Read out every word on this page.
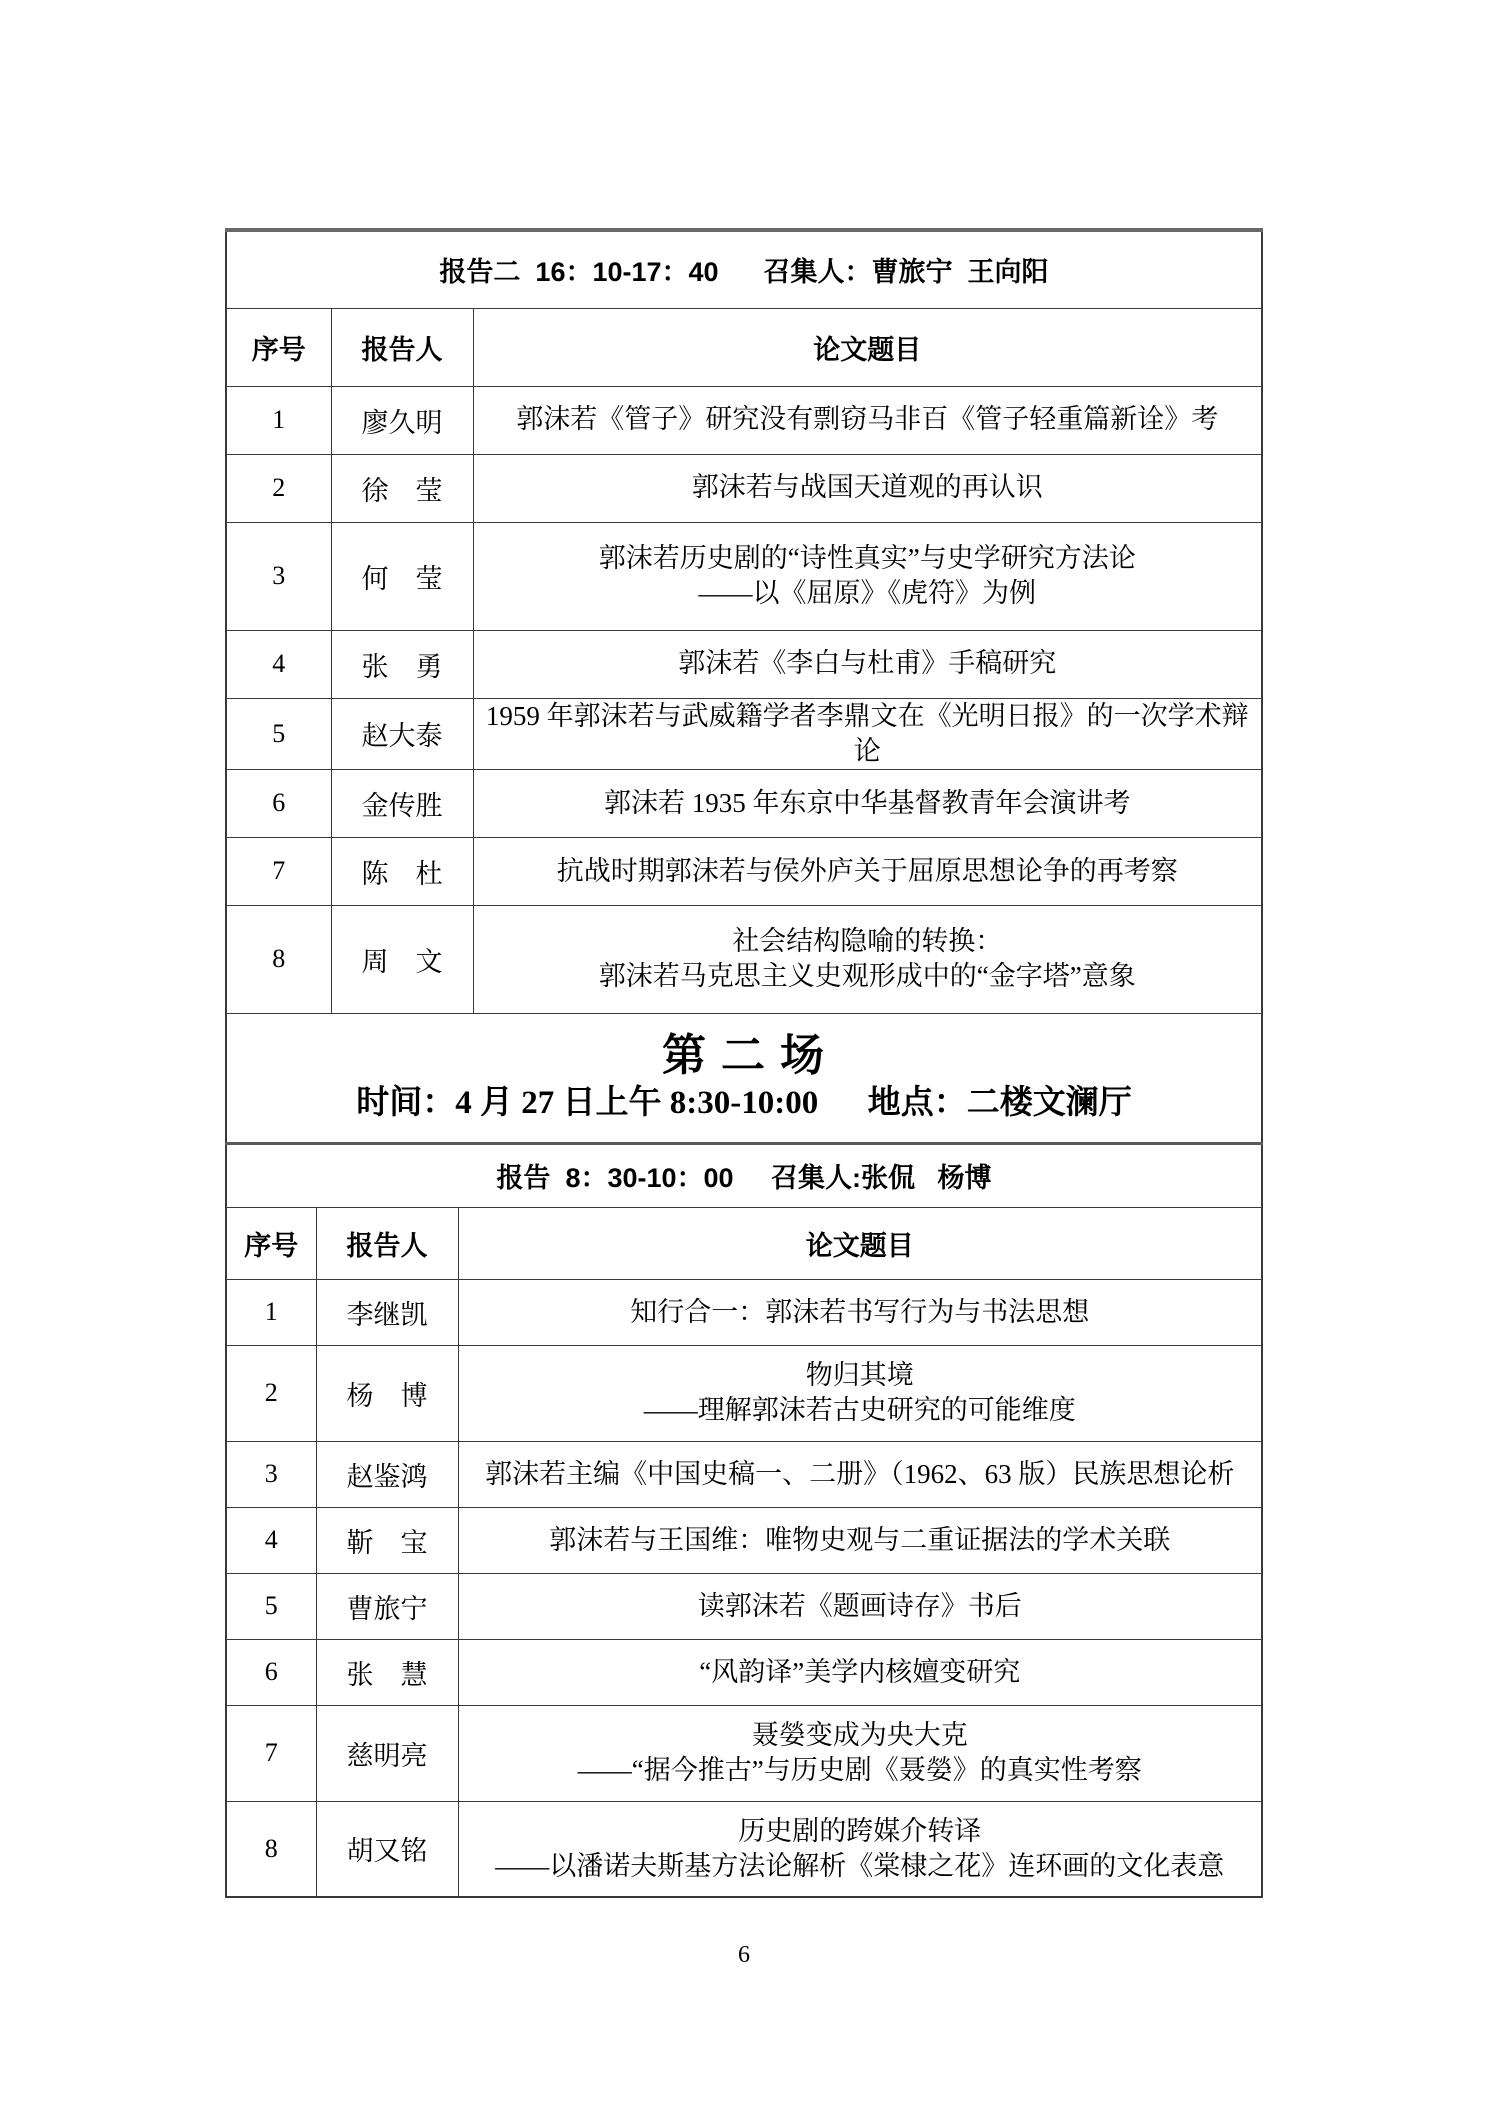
报告二  16：10-17：40      召集人：曹旅宁  王向阳		
序号	报告人	论文题目
1	廖久明	郭沫若《管子》研究没有剽窃马非百《管子轻重篇新诠》考

2	徐　莹	郭沫若与战国天道观的再认识

3	何　莹	郭沫若历史剧的“诗性真实”与史学研究方法论
——以《屈原》《虎符》为例

4	张　勇	郭沫若《李白与杜甫》手稿研究

5	赵大泰	1959 年郭沫若与武威籍学者李鼎文在《光明日报》的一次学术辩论

6	金传胜	郭沫若 1935 年东京中华基督教青年会演讲考

7	陈　杜	抗战时期郭沫若与侯外庐关于屈原思想论争的再考察

8	周　文	社会结构隐喻的转换：
郭沫若马克思主义史观形成中的“金字塔”意象
第 二 场
时间：4 月 27 日上午 8:30-10:00      地点：二楼文澜厅
报告  8：30-10：00     召集人:张侃   杨博		
序号	报告人	论文题目
1	李继凯	知行合一：郭沫若书写行为与书法思想

2	杨　博	物归其境
——理解郭沫若古史研究的可能维度

3	赵鉴鸿	郭沫若主编《中国史稿一、二册》（1962、63 版）民族思想论析

4	靳　宝	郭沫若与王国维：唯物史观与二重证据法的学术关联

5	曹旅宁	读郭沫若《题画诗存》书后

6	张　慧	“风韵译”美学内核嬗变研究

7	慈明亮	聂嫈变成为央大克
——“据今推古”与历史剧《聂嫈》的真实性考察

8	胡又铭	历史剧的跨媒介转译
——以潘诺夫斯基方法论解析《棠棣之花》连环画的文化表意
6
